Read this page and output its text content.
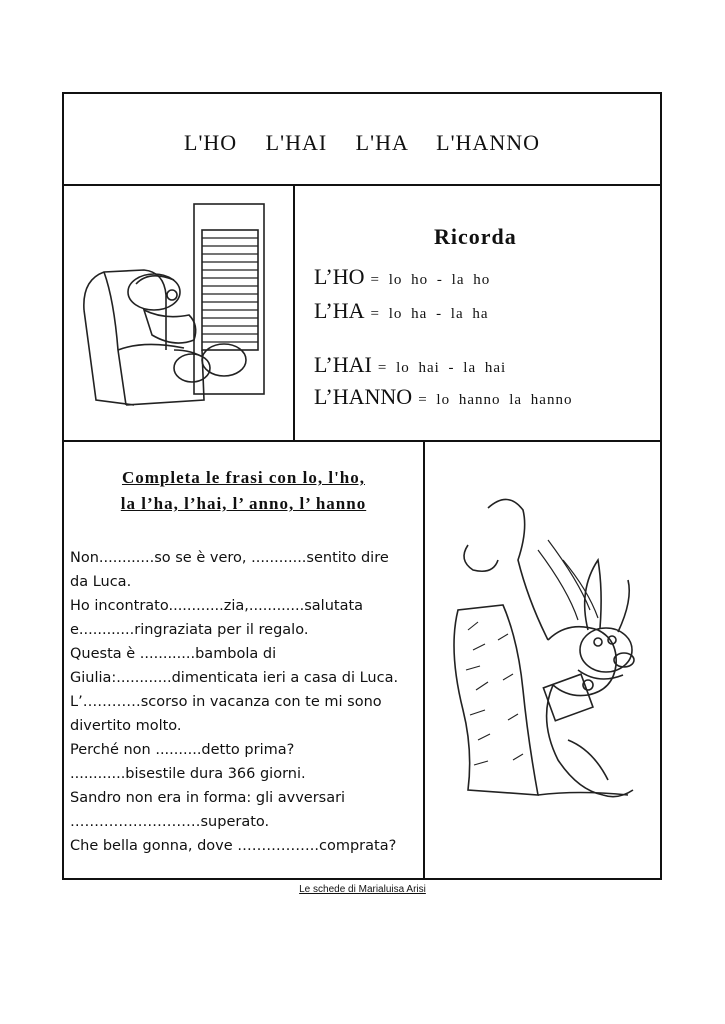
L'HO L'HAI L'HA L'HANNO
Ricorda
L’HO = lo ho - la ho
L’HA = lo ha - la ha
L’HAI = lo hai - la hai
L’HANNO = lo hanno la hanno
Completa le frasi con lo, l'ho,
la l’ha, l’hai, l’ anno, l’ hanno
Non............so se è vero, ............sentito dire
da Luca.
Ho incontrato............zia,............salutata
e............ringraziata per il regalo.
Questa è ............bambola di
Giulia:............dimenticata ieri a casa di Luca.
L’…………scorso in vacanza con te mi sono
divertito molto.
Perché non ..........detto prima?
............bisestile dura 366 giorni.
Sandro non era in forma: gli avversari
………………………superato.
Che bella gonna, dove ……………..comprata?
Le schede di Marialuisa Arisi
